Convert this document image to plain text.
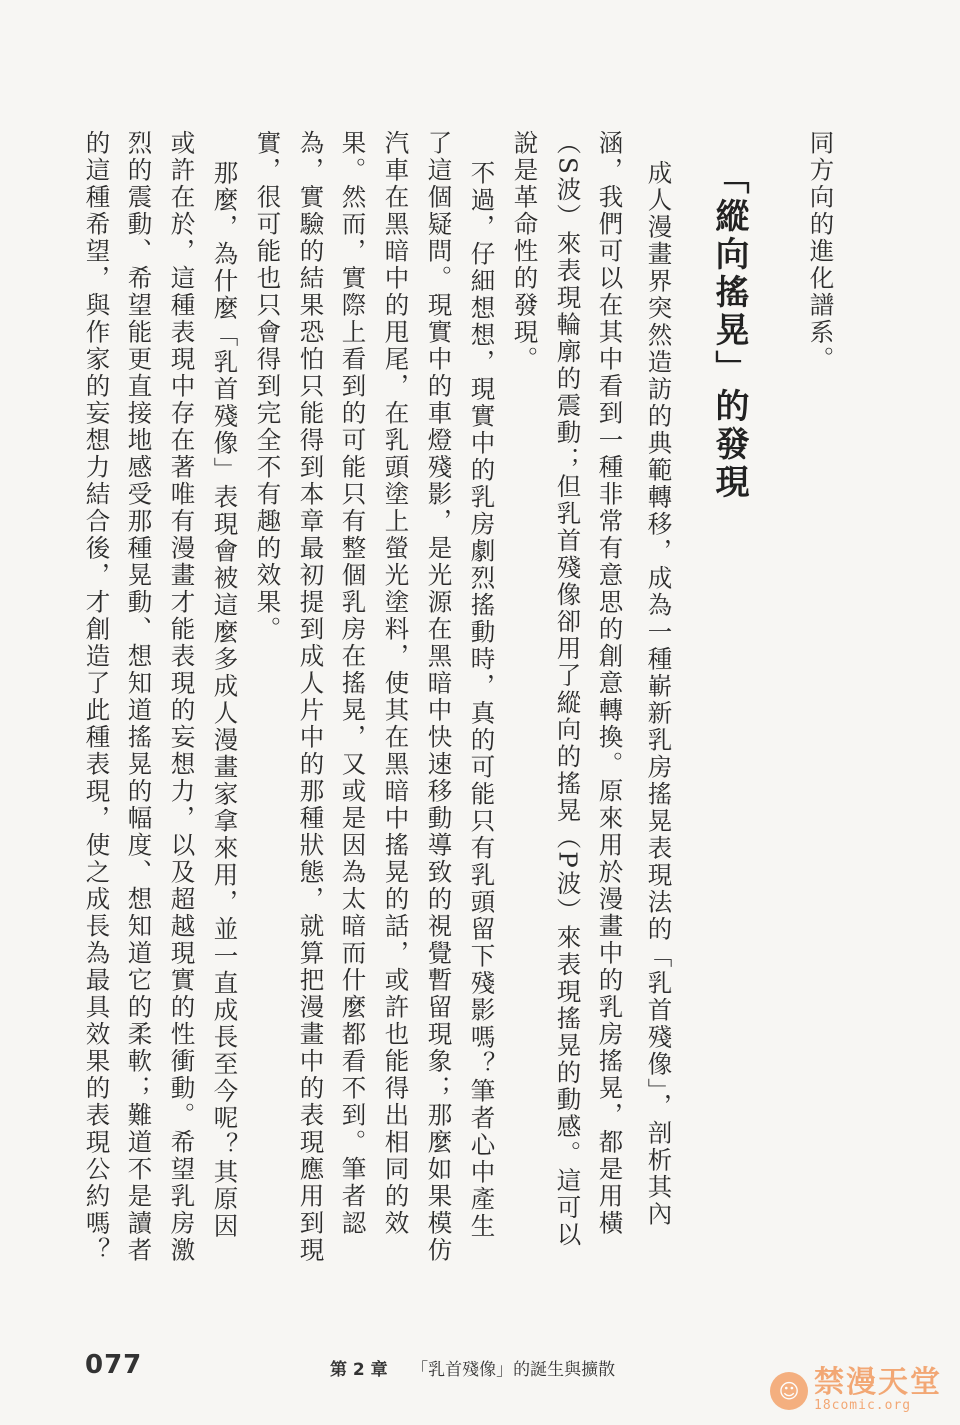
同方向的進化譜系。
「縱向搖晃」的發現
成人漫畫界突然造訪的典範轉移，成為一種嶄新乳房搖晃表現法的「乳首殘像」，剖析其內
涵，我們可以在其中看到一種非常有意思的創意轉換。原來用於漫畫中的乳房搖晃，都是用橫
（S波）來表現輪廓的震動；但乳首殘像卻用了縱向的搖晃（P波）來表現搖晃的動感。這可以
說是革命性的發現。
不過，仔細想想，現實中的乳房劇烈搖動時，真的可能只有乳頭留下殘影嗎？筆者心中產生
了這個疑問。現實中的車燈殘影，是光源在黑暗中快速移動導致的視覺暫留現象；那麼如果模仿
汽車在黑暗中的甩尾，在乳頭塗上螢光塗料，使其在黑暗中搖晃的話，或許也能得出相同的效
果。然而，實際上看到的可能只有整個乳房在搖晃，又或是因為太暗而什麼都看不到。筆者認
為，實驗的結果恐怕只能得到本章最初提到成人片中的那種狀態，就算把漫畫中的表現應用到現
實，很可能也只會得到完全不有趣的效果。
那麼，為什麼「乳首殘像」表現會被這麼多成人漫畫家拿來用，並一直成長至今呢？其原因
或許在於，這種表現中存在著唯有漫畫才能表現的妄想力，以及超越現實的性衝動。希望乳房激
烈的震動、希望能更直接地感受那種晃動、想知道搖晃的幅度、想知道它的柔軟；難道不是讀者
的這種希望，與作家的妄想力結合後，才創造了此種表現，使之成長為最具效果的表現公約嗎？
077	第 2 章 「乳首殘像」的誕生與擴散
☺ 禁漫天堂
18comic.org
